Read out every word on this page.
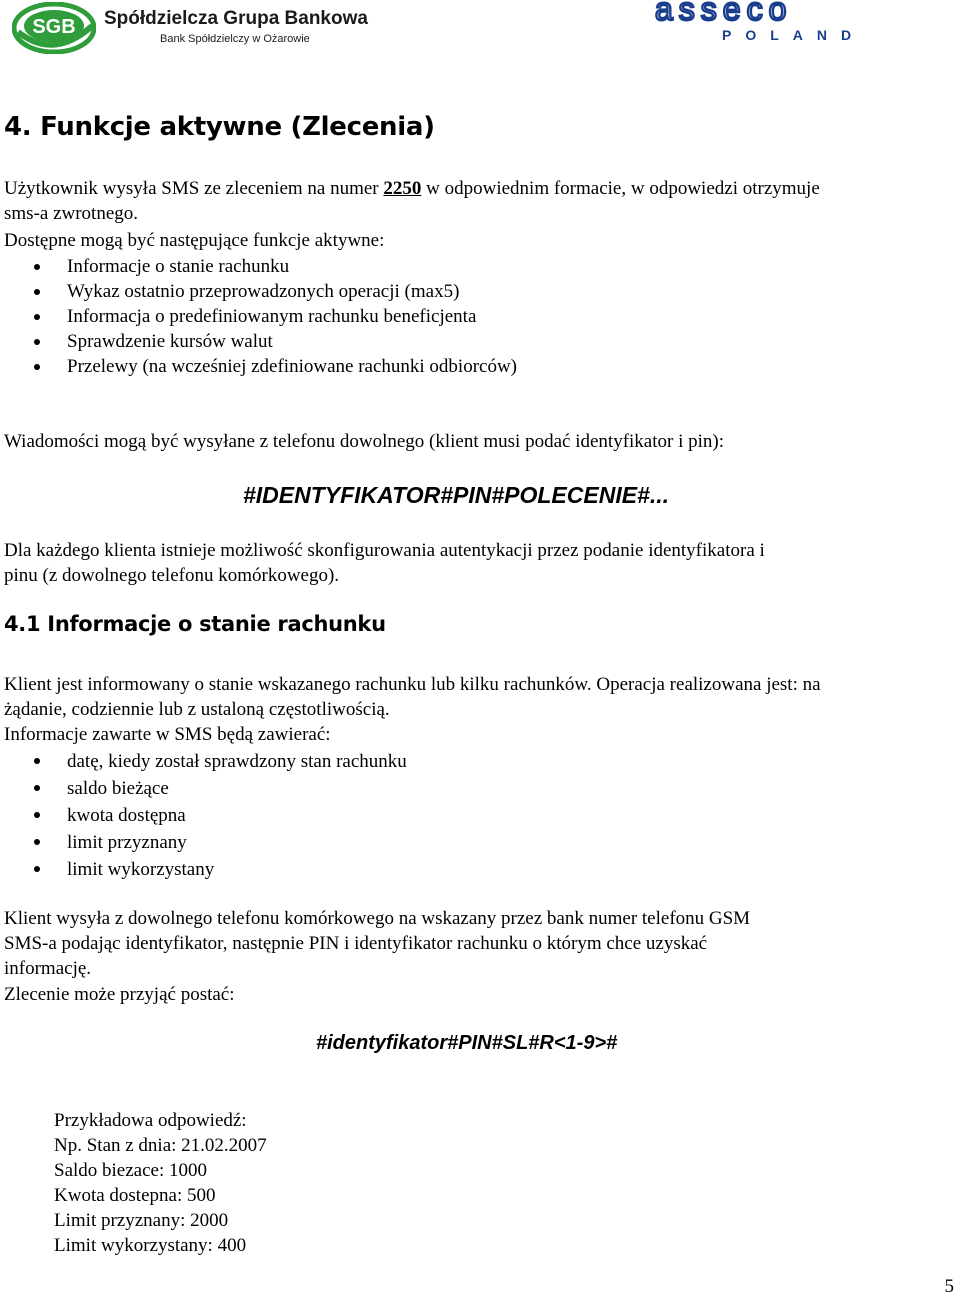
SGB Spółdzielcza Grupa Bankowa
Bank Spółdzielczy w Ożarowie
asseco
POLAND
4. Funkcje aktywne (Zlecenia)
Użytkownik wysyła SMS ze zleceniem na numer 2250 w odpowiednim formacie, w odpowiedzi otrzymuje
sms-a zwrotnego.
Dostępne mogą być następujące funkcje aktywne:
Informacje o stanie rachunku
Wykaz ostatnio przeprowadzonych operacji (max5)
Informacja o predefiniowanym rachunku beneficjenta
Sprawdzenie kursów walut
Przelewy (na wcześniej zdefiniowane rachunki odbiorców)
Wiadomości mogą być wysyłane z telefonu dowolnego (klient musi podać identyfikator i pin):
#IDENTYFIKATOR#PIN#POLECENIE#...
Dla każdego klienta istnieje możliwość skonfigurowania autentykacji przez podanie identyfikatora i
pinu (z dowolnego telefonu komórkowego).
4.1 Informacje o stanie rachunku
Klient jest informowany o stanie wskazanego rachunku lub kilku rachunków. Operacja realizowana jest: na
żądanie, codziennie lub z ustaloną częstotliwością.
Informacje zawarte w SMS będą zawierać:
datę, kiedy został sprawdzony stan rachunku
saldo bieżące
kwota dostępna
limit przyznany
limit wykorzystany
Klient wysyła z dowolnego telefonu komórkowego na wskazany przez bank numer telefonu GSM
SMS-a podając identyfikator, następnie PIN i identyfikator rachunku o którym chce uzyskać
informację.
Zlecenie może przyjąć postać:
#identyfikator#PIN#SL#R<1-9>#
Przykładowa odpowiedź:
Np. Stan z dnia: 21.02.2007
Saldo biezace: 1000
Kwota dostepna: 500
Limit przyznany: 2000
Limit wykorzystany: 400
5
